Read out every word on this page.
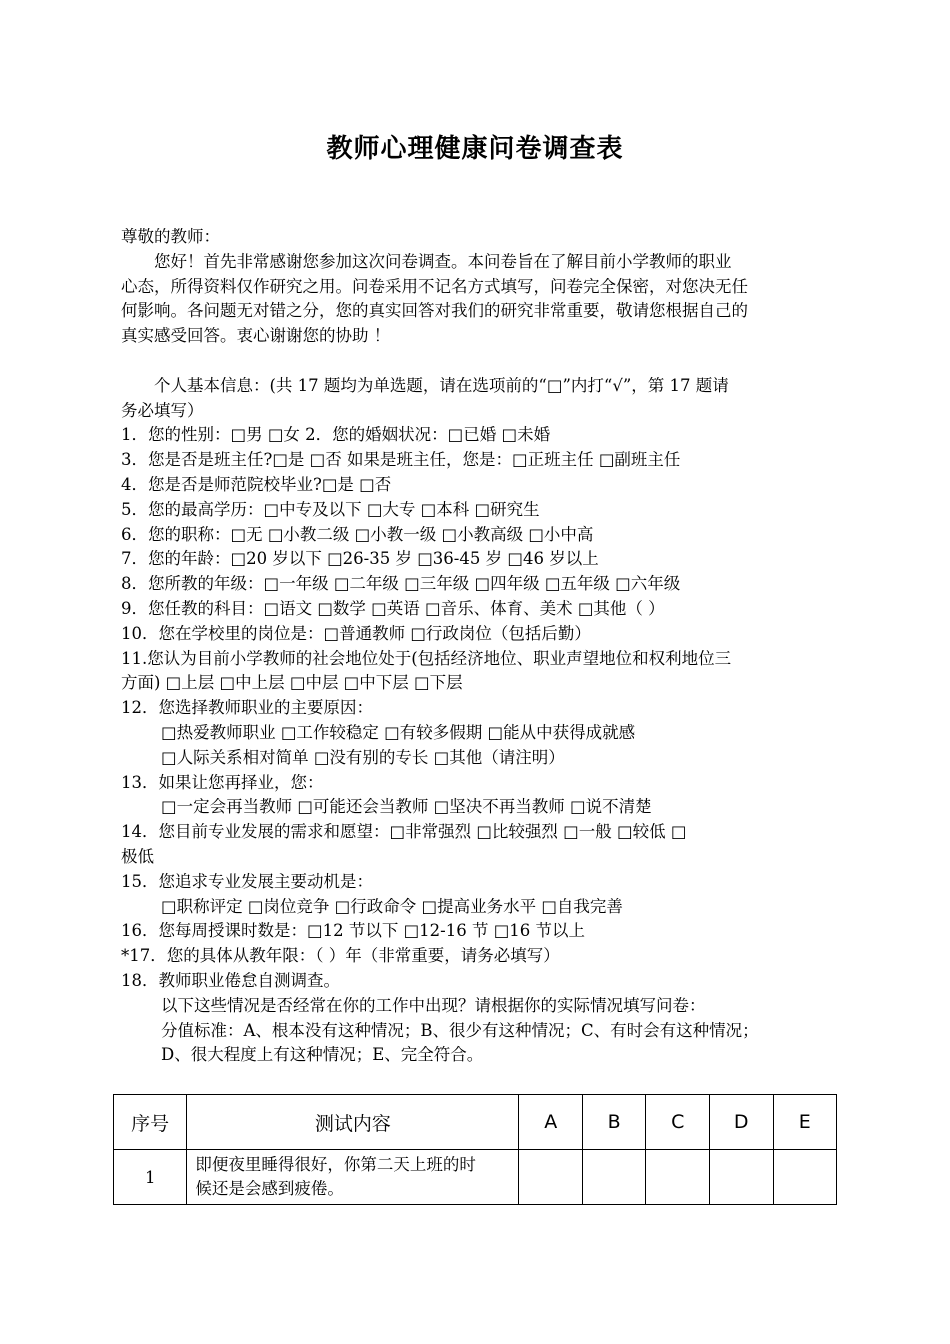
教师心理健康问卷调查表
尊敬的教师：
您好！首先非常感谢您参加这次问卷调查。本问卷旨在了解目前小学教师的职业
心态，所得资料仅作研究之用。问卷采用不记名方式填写，问卷完全保密，对您决无任
何影响。各问题无对错之分，您的真实回答对我们的研究非常重要，敬请您根据自己的
真实感受回答。衷心谢谢您的协助 ！
个人基本信息：(共 17 题均为单选题，请在选项前的“□”内打“√”，第 17 题请
务必填写）
1．您的性别：□男 □女 2．您的婚姻状况：□已婚 □未婚
3．您是否是班主任?□是 □否 如果是班主任，您是：□正班主任 □副班主任
4．您是否是师范院校毕业?□是 □否
5．您的最高学历：□中专及以下 □大专 □本科 □研究生
6．您的职称：□无 □小教二级 □小教一级 □小教高级 □小中高
7．您的年龄：□20 岁以下 □26-35 岁 □36-45 岁 □46 岁以上
8．您所教的年级：□一年级 □二年级 □三年级 □四年级 □五年级 □六年级
9．您任教的科目：□语文 □数学 □英语 □音乐、体育、美术 □其他（ ）
10．您在学校里的岗位是：□普通教师 □行政岗位（包括后勤）
11.您认为目前小学教师的社会地位处于(包括经济地位、职业声望地位和权利地位三
方面) □上层 □中上层 □中层 □中下层 □下层
12．您选择教师职业的主要原因：
□热爱教师职业 □工作较稳定 □有较多假期 □能从中获得成就感
□人际关系相对简单 □没有别的专长 □其他（请注明）
13．如果让您再择业，您：
□一定会再当教师 □可能还会当教师 □坚决不再当教师 □说不清楚
14．您目前专业发展的需求和愿望：□非常强烈 □比较强烈 □一般 □较低 □
极低
15．您追求专业发展主要动机是：
□职称评定 □岗位竞争 □行政命令 □提高业务水平 □自我完善
16．您每周授课时数是：□12 节以下 □12-16 节 □16 节以上
*17．您的具体从教年限：（ ）年（非常重要，请务必填写）
18．教师职业倦怠自测调查。
以下这些情况是否经常在你的工作中出现？请根据你的实际情况填写问卷：
分值标准：A、根本没有这种情况；B、很少有这种情况；C、有时会有这种情况；
D、很大程度上有这种情况；E、完全符合。
序号	测试内容	A	B	C	D	E
1	即便夜里睡得很好，你第二天上班的时
候还是会感到疲倦。					
